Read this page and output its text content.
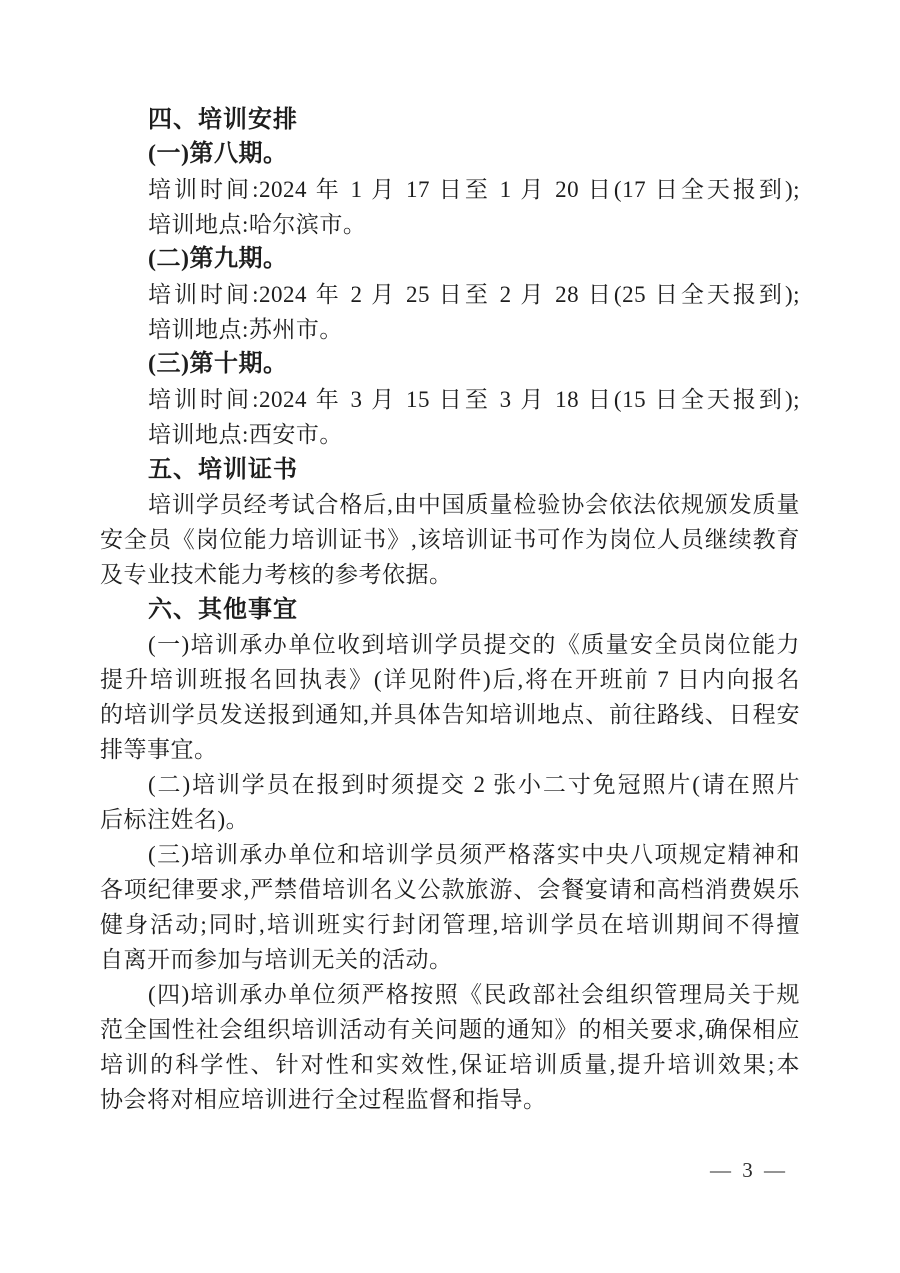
四、培训安排
(一)第八期。
培训时间:2024 年 1 月 17 日至 1 月 20 日(17 日全天报到);
培训地点:哈尔滨市。
(二)第九期。
培训时间:2024 年 2 月 25 日至 2 月 28 日(25 日全天报到);
培训地点:苏州市。
(三)第十期。
培训时间:2024 年 3 月 15 日至 3 月 18 日(15 日全天报到);
培训地点:西安市。
五、培训证书
培训学员经考试合格后,由中国质量检验协会依法依规颁发质量
安全员《岗位能力培训证书》,该培训证书可作为岗位人员继续教育
及专业技术能力考核的参考依据。
六、其他事宜
(一)培训承办单位收到培训学员提交的《质量安全员岗位能力
提升培训班报名回执表》(详见附件)后,将在开班前 7 日内向报名
的培训学员发送报到通知,并具体告知培训地点、前往路线、日程安
排等事宜。
(二)培训学员在报到时须提交 2 张小二寸免冠照片(请在照片
后标注姓名)。
(三)培训承办单位和培训学员须严格落实中央八项规定精神和
各项纪律要求,严禁借培训名义公款旅游、会餐宴请和高档消费娱乐
健身活动;同时,培训班实行封闭管理,培训学员在培训期间不得擅
自离开而参加与培训无关的活动。
(四)培训承办单位须严格按照《民政部社会组织管理局关于规
范全国性社会组织培训活动有关问题的通知》的相关要求,确保相应
培训的科学性、针对性和实效性,保证培训质量,提升培训效果;本
协会将对相应培训进行全过程监督和指导。
— 3 —
